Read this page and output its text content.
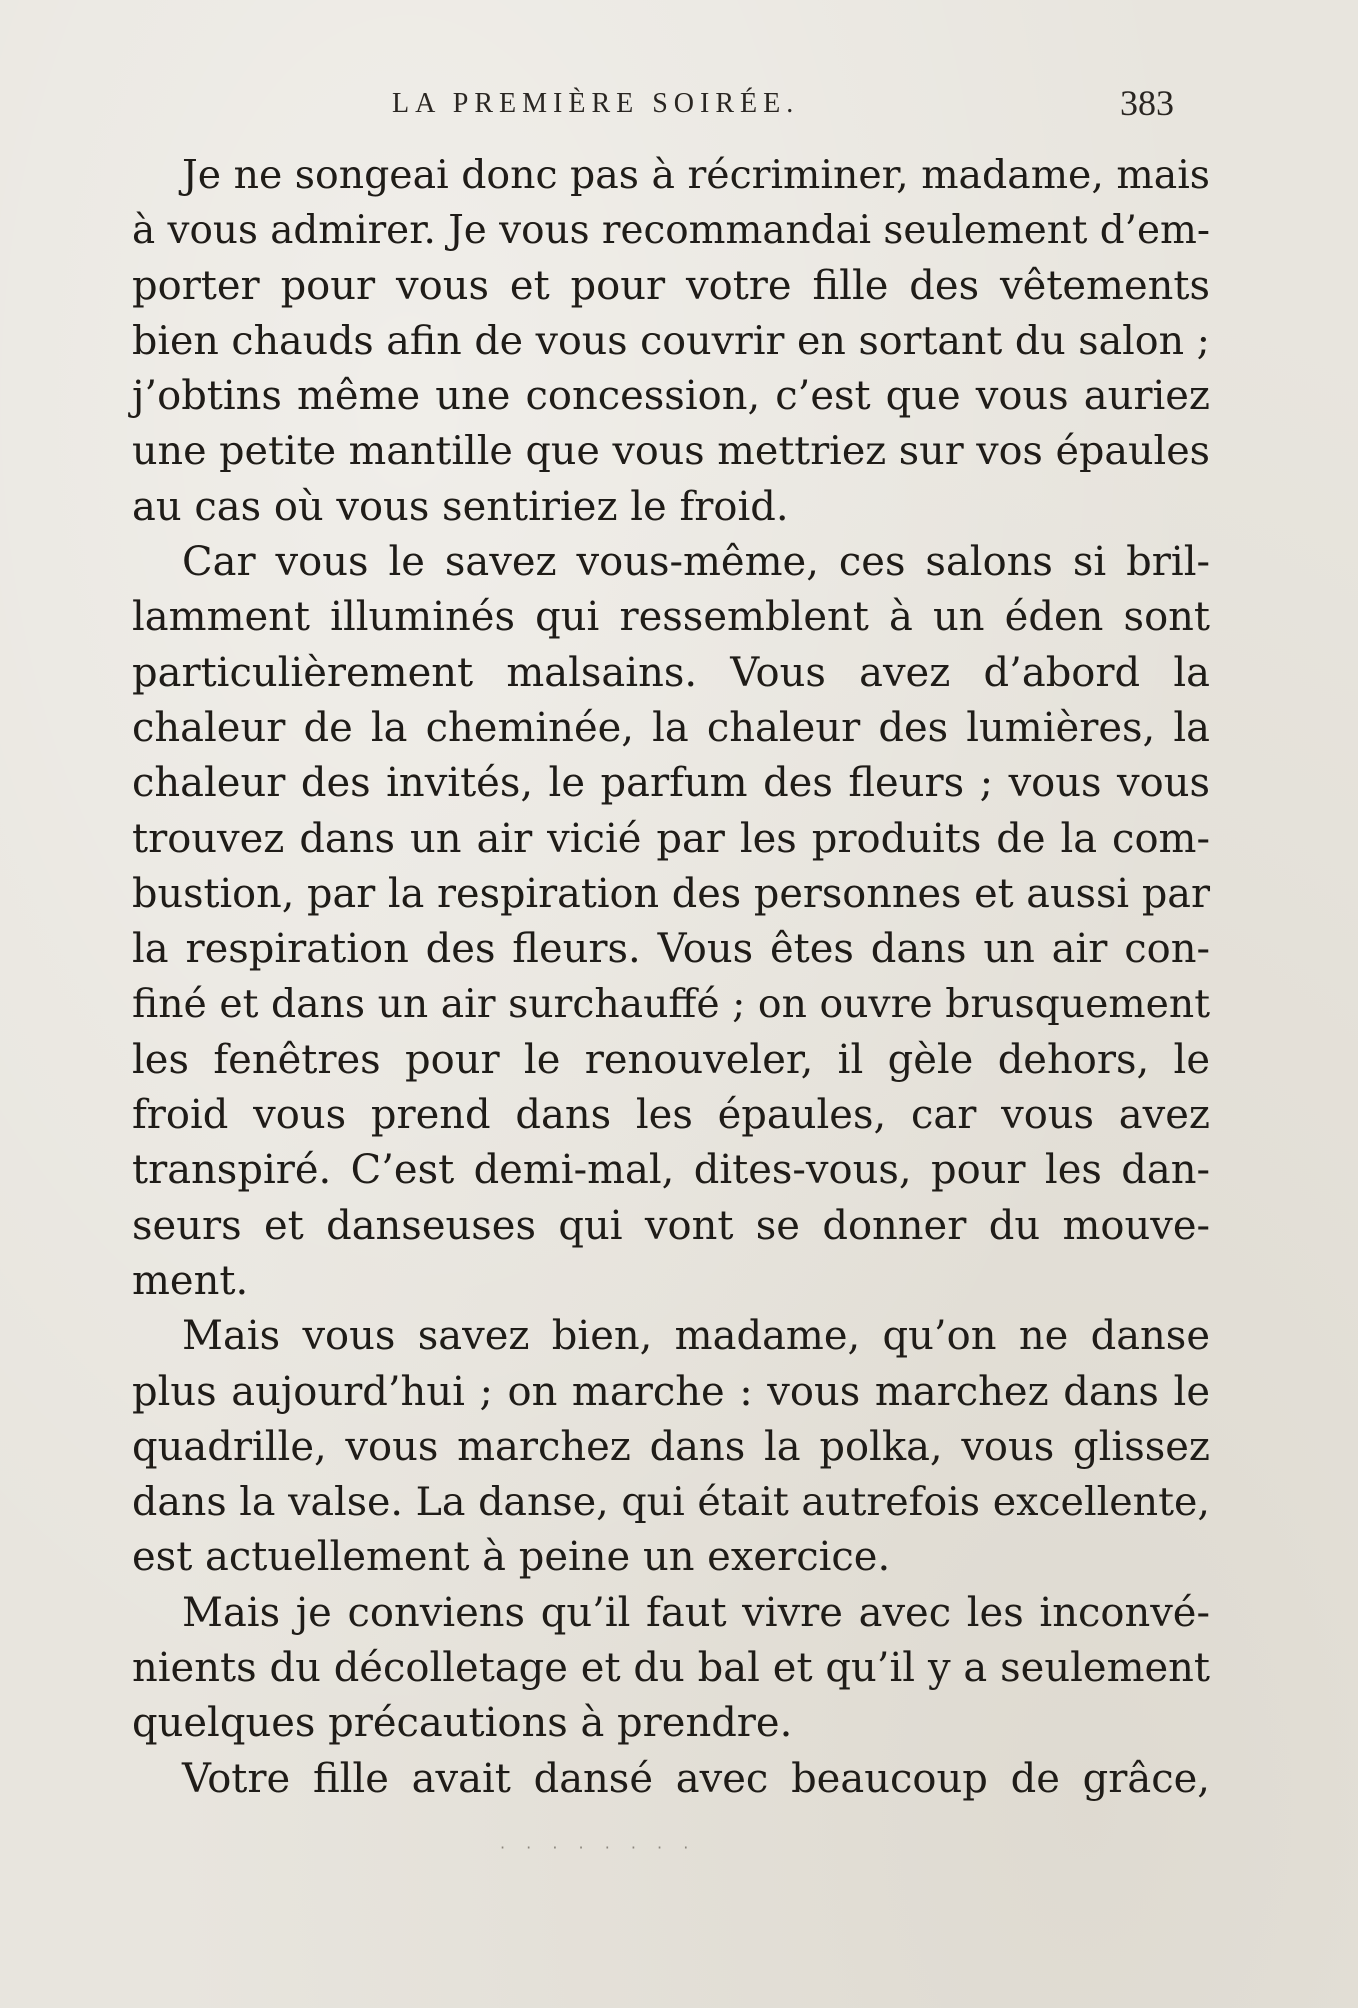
LA PREMIÈRE SOIRÉE.	383
Je ne songeai donc pas à récriminer, madame, mais
à vous admirer. Je vous recommandai seulement d’em-
porter pour vous et pour votre fille des vêtements
bien chauds afin de vous couvrir en sortant du salon ;
j’obtins même une concession, c’est que vous auriez
une petite mantille que vous mettriez sur vos épaules
au cas où vous sentiriez le froid.
Car vous le savez vous-même, ces salons si bril-
lamment illuminés qui ressemblent à un éden sont
particulièrement malsains. Vous avez d’abord la
chaleur de la cheminée, la chaleur des lumières, la
chaleur des invités, le parfum des fleurs ; vous vous
trouvez dans un air vicié par les produits de la com-
bustion, par la respiration des personnes et aussi par
la respiration des fleurs. Vous êtes dans un air con-
finé et dans un air surchauffé ; on ouvre brusquement
les fenêtres pour le renouveler, il gèle dehors, le
froid vous prend dans les épaules, car vous avez
transpiré. C’est demi-mal, dites-vous, pour les dan-
seurs et danseuses qui vont se donner du mouve-
ment.
Mais vous savez bien, madame, qu’on ne danse
plus aujourd’hui ; on marche : vous marchez dans le
quadrille, vous marchez dans la polka, vous glissez
dans la valse. La danse, qui était autrefois excellente,
est actuellement à peine un exercice.
Mais je conviens qu’il faut vivre avec les inconvé-
nients du décolletage et du bal et qu’il y a seulement
quelques précautions à prendre.
Votre fille avait dansé avec beaucoup de grâce,
· · · · · · · ·
